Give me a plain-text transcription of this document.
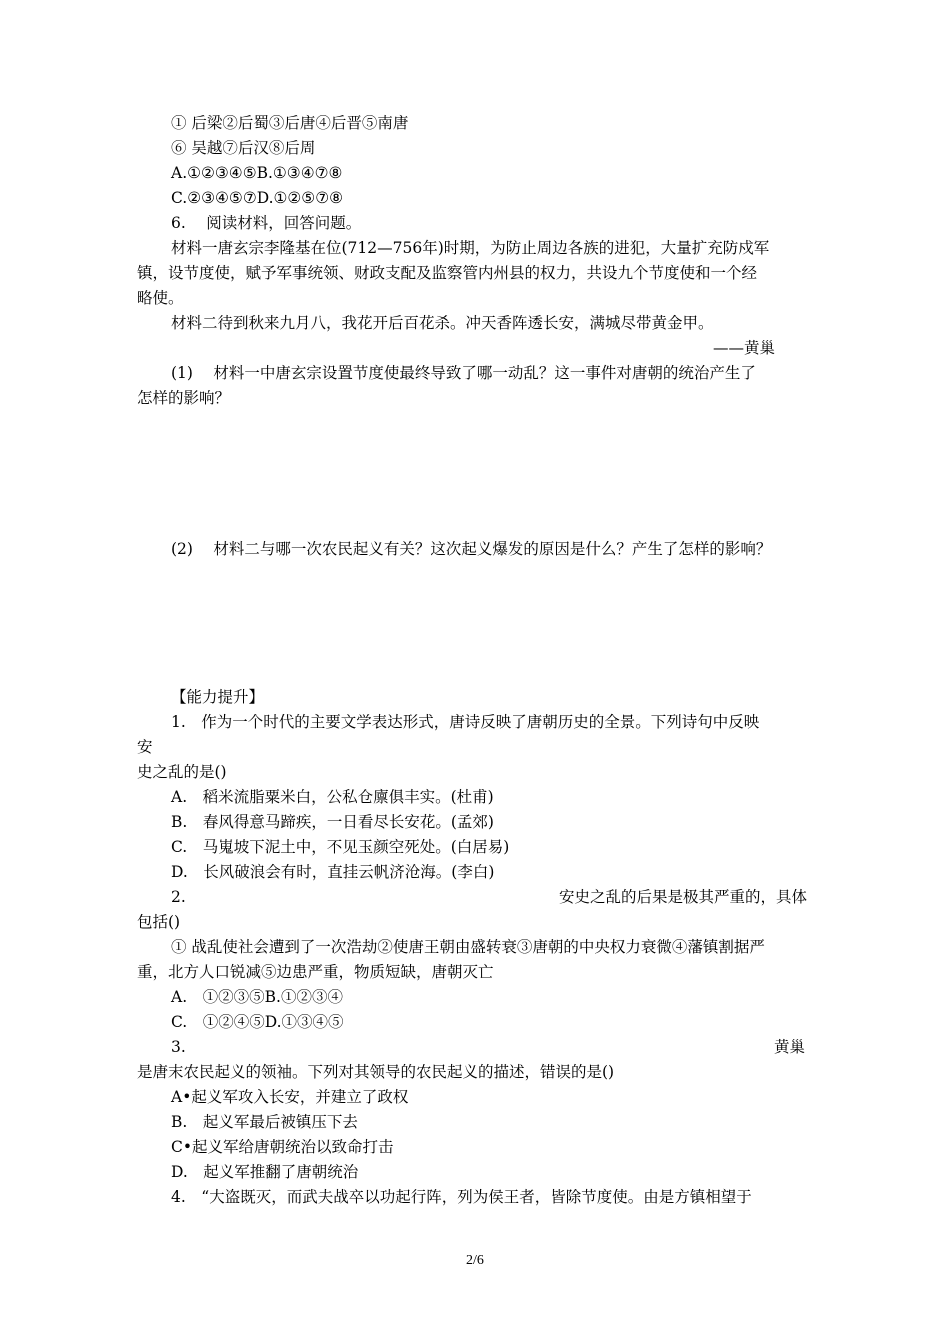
① 后梁②后蜀③后唐④后晋⑤南唐
⑥ 吴越⑦后汉⑧后周
A.①②③④⑤B.①③④⑦⑧
C.②③④⑤⑦D.①②⑤⑦⑧
6.　 阅读材料，回答问题。
材料一唐玄宗李隆基在位(712—756年)时期，为防止周边各族的进犯，大量扩充防戍军
镇，设节度使，赋予军事统领、财政支配及监察管内州县的权力，共设九个节度使和一个经
略使。
材料二待到秋来九月八，我花开后百花杀。冲天香阵透长安，满城尽带黄金甲。
——黄巢
(1)　 材料一中唐玄宗设置节度使最终导致了哪一动乱？这一事件对唐朝的统治产生了
怎样的影响？
(2)　 材料二与哪一次农民起义有关？这次起义爆发的原因是什么？产生了怎样的影响？
【能力提升】
1.　作为一个时代的主要文学表达形式，唐诗反映了唐朝历史的全景。下列诗句中反映
安
史之乱的是()
A.　稻米流脂粟米白，公私仓廪俱丰实。(杜甫)
B.　春风得意马蹄疾，一日看尽长安花。(孟郊)
C.　马嵬坡下泥土中，不见玉颜空死处。(白居易)
D.　长风破浪会有时，直挂云帆济沧海。(李白)
2.	安史之乱的后果是极其严重的，具体
包括()
① 战乱使社会遭到了一次浩劫②使唐王朝由盛转衰③唐朝的中央权力衰微④藩镇割据严
重，北方人口锐减⑤边患严重，物质短缺，唐朝灭亡
A.　①②③⑤B.①②③④
C.　①②④⑤D.①③④⑤
3.	黄巢
是唐末农民起义的领袖。下列对其领导的农民起义的描述，错误的是()
A•起义军攻入长安，并建立了政权
B.　起义军最后被镇压下去
C•起义军给唐朝统治以致命打击
D.　起义军推翻了唐朝统治
4.　“大盗既灭，而武夫战卒以功起行阵，列为侯王者，皆除节度使。由是方镇相望于
2/6
